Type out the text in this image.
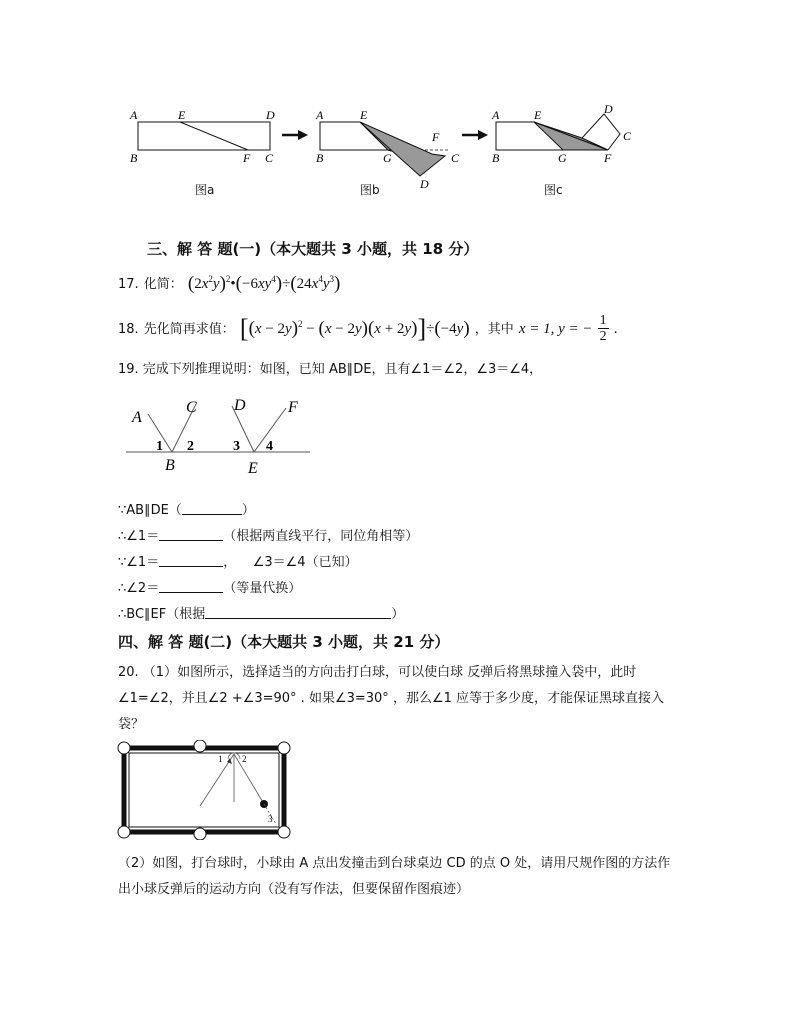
A	E	D
B	F C
A	E
B	G
F
C
D
A	E
B	G	F
D
C
图a	图b	图c
三、解 答 题(一)（本大题共 3 小题，共 18 分）
17. 化简： $(2x^2y)^2•(-6xy^4)\div(24x^4y^3)$
18. 先化简再求值： $[(x - 2y)^2 - (x - 2y)(x + 2y)]\div(-4y)$ ，其中 x = 1, y = − $\frac{1}{2}$ .
19. 完成下列推理说明：如图，已知 AB∥DE，且有∠1＝∠2，∠3＝∠4，
A
C D	F
1 2	3 4
B	E
∵AB∥DE（	）
∴∠1＝	（根据两直线平行，同位角相等）
∵∠1＝	，    ∠3＝∠4（已知）
∴∠2＝	（等量代换）
∴BC∥EF（根据	）
四、解 答 题(二)（本大题共 3 小题，共 21 分）
20. （1）如图所示，选择适当的方向击打白球，可以使白球 反弹后将黑球撞入袋中，此时
∠1=∠2，并且∠2 +∠3=90° . 如果∠3=30° ，那么∠1 应等于多少度，才能保证黑球直接入
袋？
1 2
3
（2）如图，打台球时，小球由 A 点出发撞击到台球桌边 CD 的点 O 处，请用尺规作图的方法作
出小球反弹后的运动方向（没有写作法，但要保留作图痕迹）
